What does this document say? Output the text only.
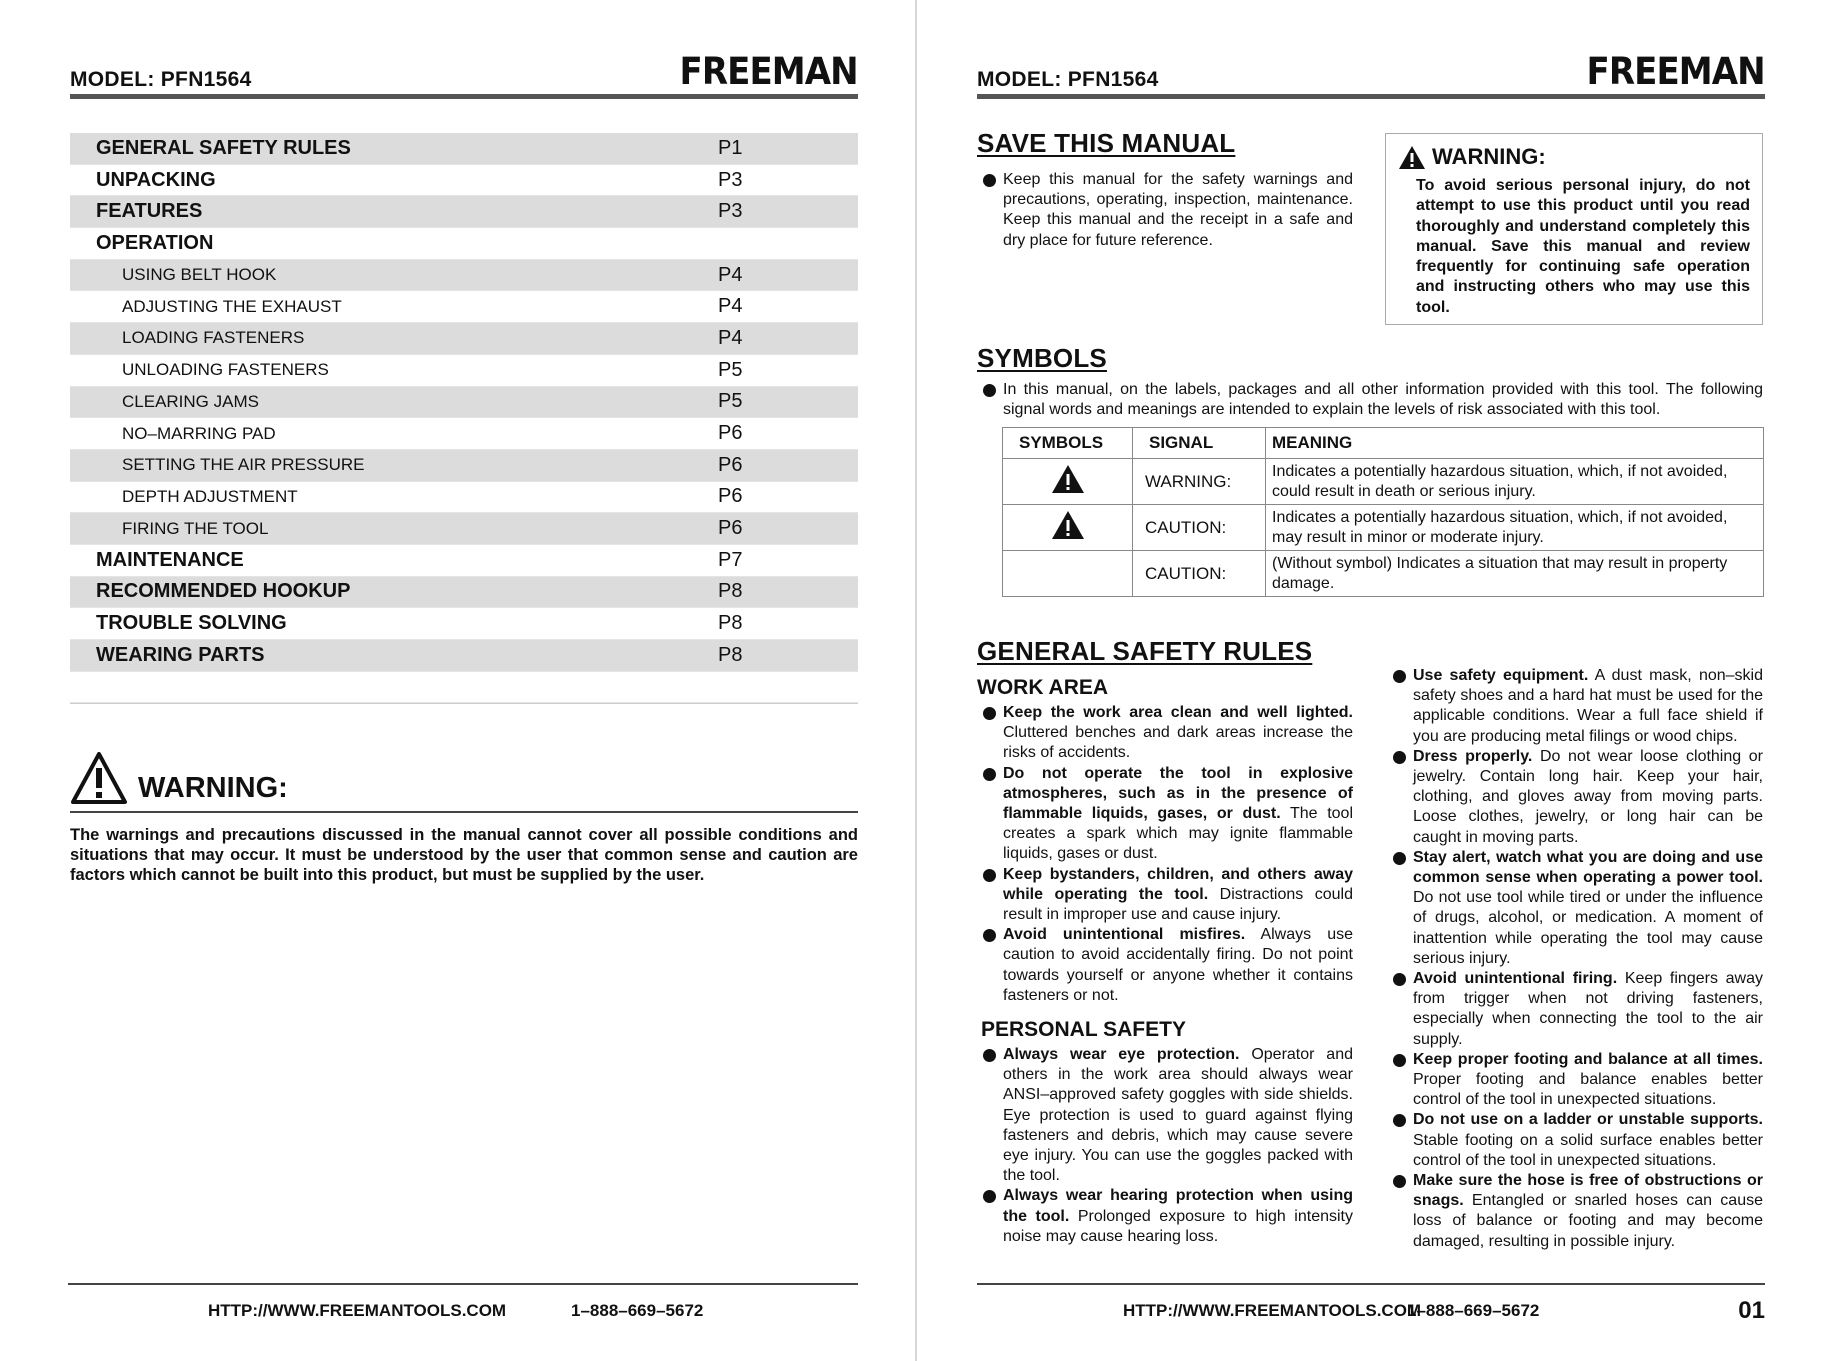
MODEL: PFN1564	FREEMAN
GENERAL SAFETY RULES	P1
UNPACKING	P3
FEATURES	P3
OPERATION
USING BELT HOOK	P4
ADJUSTING THE EXHAUST	P4
LOADING FASTENERS	P4
UNLOADING FASTENERS	P5
CLEARING JAMS	P5
NO–MARRING PAD	P6
SETTING THE AIR PRESSURE	P6
DEPTH ADJUSTMENT	P6
FIRING THE TOOL	P6
MAINTENANCE	P7
RECOMMENDED HOOKUP	P8
TROUBLE SOLVING	P8
WEARING PARTS	P8
WARNING:

The warnings and precautions discussed in the manual cannot cover all possible conditions and situations that may occur. It must be understood by the user that common sense and caution are factors which cannot be built into this product, but must be supplied by the user.

HTTP://WWW.FREEMANTOOLS.COM	1–888–669–5672
MODEL: PFN1564	FREEMAN
HTTP://WWW.FREEMANTOOLS.COM
1–888–669–5672	01
SAVE THIS MANUAL
Keep this manual for the safety warnings and precautions, operating, inspection, maintenance. Keep this manual and the receipt in a safe and dry place for future reference.
WARNING:

To avoid serious personal injury, do not attempt to use this product until you read thoroughly and understand completely this manual. Save this manual and review frequently for continuing safe operation and instructing others who may use this tool.

SYMBOLS
In this manual, on the labels, packages and all other information provided with this tool. The following signal words and meanings are intended to explain the levels of risk associated with this tool.
SYMBOLS	SIGNAL	MEANING
	WARNING:	Indicates a potentially hazardous situation, which, if not avoided, could result in death or serious injury.
	CAUTION:	Indicates a potentially hazardous situation, which, if not avoided, may result in minor or moderate injury.
	CAUTION:	(Without symbol) Indicates a situation that may result in property damage.
GENERAL SAFETY RULES
WORK AREA
Keep the work area clean and well lighted. Cluttered benches and dark areas increase the risks of accidents.
Do not operate the tool in explosive atmospheres, such as in the presence of flammable liquids, gases, or dust. The tool creates a spark which may ignite flammable liquids, gases or dust.
Keep bystanders, children, and others away while operating the tool. Distractions could result in improper use and cause injury.
Avoid unintentional misfires. Always use caution to avoid accidentally firing. Do not point towards yourself or anyone whether it contains fasteners or not.
PERSONAL SAFETY
Always wear eye protection. Operator and others in the work area should always wear ANSI–approved safety goggles with side shields. Eye protection is used to guard against flying fasteners and debris, which may cause severe eye injury. You can use the goggles packed with the tool.
Always wear hearing protection when using the tool. Prolonged exposure to high intensity noise may cause hearing loss.
Use safety equipment. A dust mask, non–skid safety shoes and a hard hat must be used for the applicable conditions. Wear a full face shield if you are producing metal filings or wood chips.
Dress properly. Do not wear loose clothing or jewelry. Contain long hair. Keep your hair, clothing, and gloves away from moving parts. Loose clothes, jewelry, or long hair can be caught in moving parts.
Stay alert, watch what you are doing and use common sense when operating a power tool. Do not use tool while tired or under the influence of drugs, alcohol, or medication. A moment of inattention while operating the tool may cause serious injury.
Avoid unintentional firing. Keep fingers away from trigger when not driving fasteners, especially when connecting the tool to the air supply.
Keep proper footing and balance at all times. Proper footing and balance enables better control of the tool in unexpected situations.
Do not use on a ladder or unstable supports. Stable footing on a solid surface enables better control of the tool in unexpected situations.
Make sure the hose is free of obstructions or snags. Entangled or snarled hoses can cause loss of balance or footing and may become damaged, resulting in possible injury.
